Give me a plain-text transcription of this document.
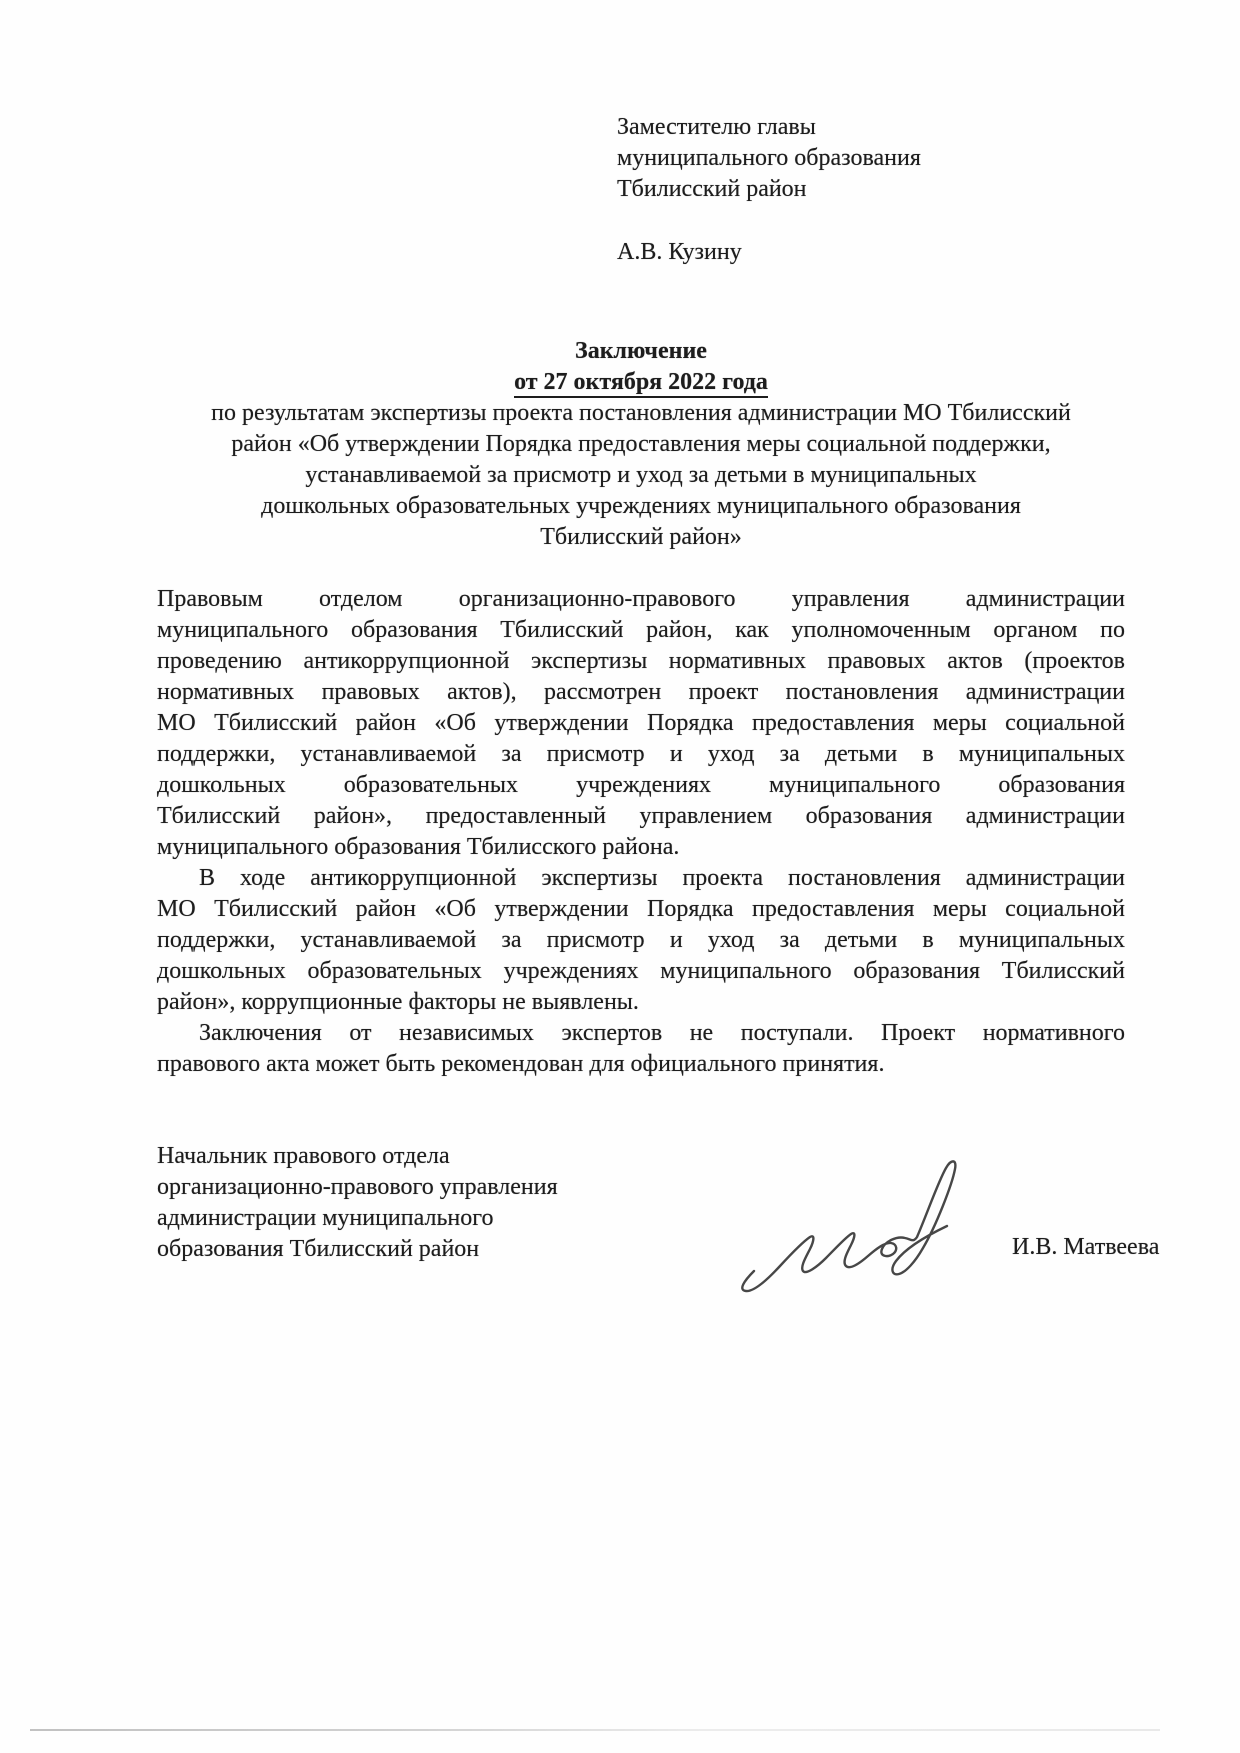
Заместителю главы
муниципального образования
Тбилисский район
А.В. Кузину
Заключение
от 27 октября 2022 года
по результатам экспертизы проекта постановления администрации МО Тбилисский
район «Об утверждении Порядка предоставления меры социальной поддержки,
устанавливаемой за присмотр и уход за детьми в муниципальных
дошкольных образовательных учреждениях муниципального образования
Тбилисский район»
Правовым отделом организационно-правового управления администрации
муниципального образования Тбилисский район, как уполномоченным органом по
проведению антикоррупционной экспертизы нормативных правовых актов (проектов
нормативных правовых актов), рассмотрен проект постановления администрации
МО Тбилисский район «Об утверждении Порядка предоставления меры социальной
поддержки, устанавливаемой за присмотр и уход за детьми в муниципальных
дошкольных образовательных учреждениях муниципального образования
Тбилисский район», предоставленный управлением образования администрации
муниципального образования Тбилисского района.
В ходе антикоррупционной экспертизы проекта постановления администрации
МО Тбилисский район «Об утверждении Порядка предоставления меры социальной
поддержки, устанавливаемой за присмотр и уход за детьми в муниципальных
дошкольных образовательных учреждениях муниципального образования Тбилисский
район», коррупционные факторы не выявлены.
Заключения от независимых экспертов не поступали. Проект нормативного
правового акта может быть рекомендован для официального принятия.
Начальник правового отдела
организационно-правового управления
администрации муниципального
образования Тбилисский район	И.В. Матвеева
